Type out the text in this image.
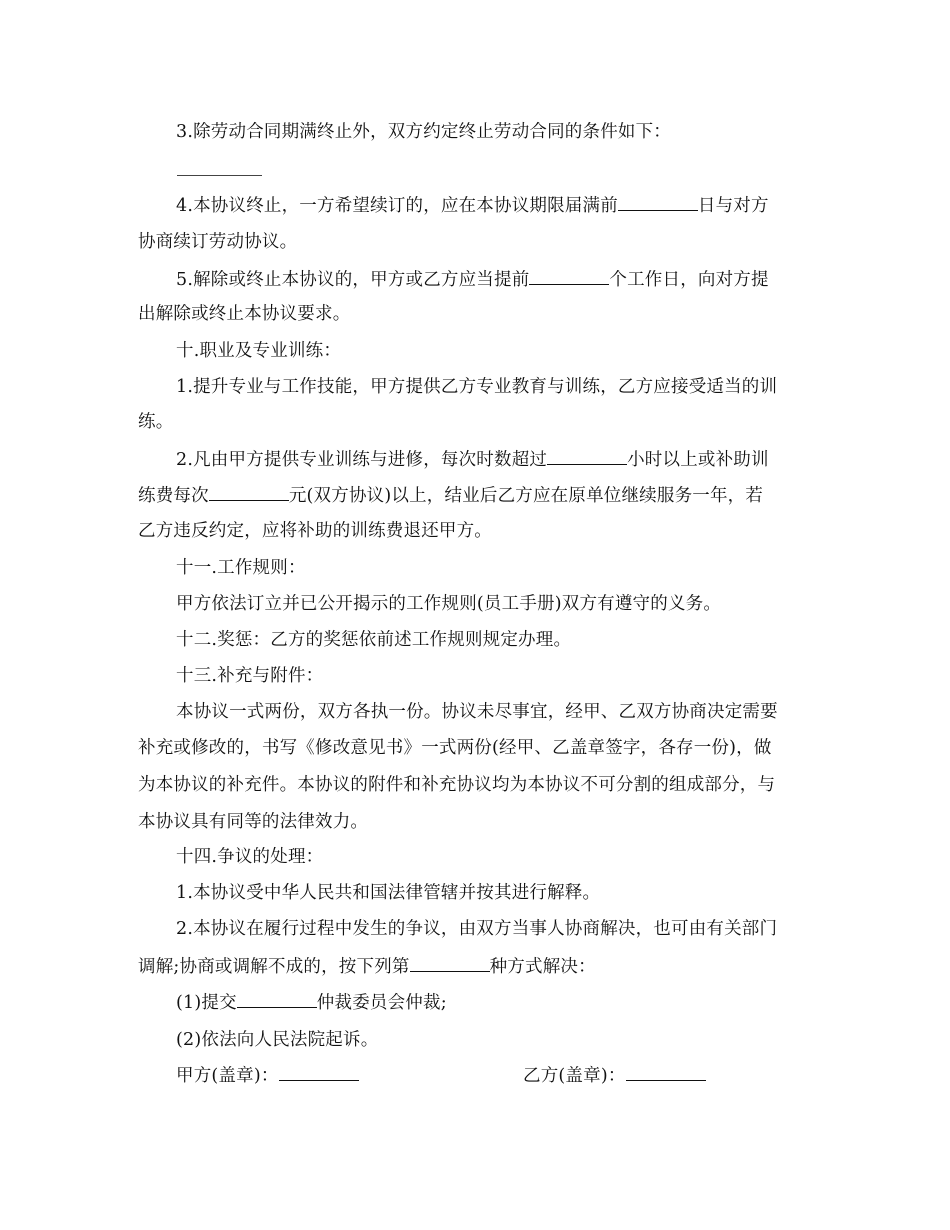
3.除劳动合同期满终止外，双方约定终止劳动合同的条件如下：
4.本协议终止，一方希望续订的，应在本协议期限届满前	日与对方
协商续订劳动协议。
5.解除或终止本协议的，甲方或乙方应当提前	个工作日，向对方提
出解除或终止本协议要求。
十.职业及专业训练：
1.提升专业与工作技能，甲方提供乙方专业教育与训练，乙方应接受适当的训
练。
2.凡由甲方提供专业训练与进修，每次时数超过	小时以上或补助训
练费每次	元(双方协议)以上，结业后乙方应在原单位继续服务一年，若
乙方违反约定，应将补助的训练费退还甲方。
十一.工作规则：
甲方依法订立并已公开揭示的工作规则(员工手册)双方有遵守的义务。
十二.奖惩：乙方的奖惩依前述工作规则规定办理。
十三.补充与附件：
本协议一式两份，双方各执一份。协议未尽事宜，经甲、乙双方协商决定需要
补充或修改的，书写《修改意见书》一式两份(经甲、乙盖章签字，各存一份)，做
为本协议的补充件。本协议的附件和补充协议均为本协议不可分割的组成部分，与
本协议具有同等的法律效力。
十四.争议的处理：
1.本协议受中华人民共和国法律管辖并按其进行解释。
2.本协议在履行过程中发生的争议，由双方当事人协商解决，也可由有关部门
调解;协商或调解不成的，按下列第	种方式解决：
(1)提交	仲裁委员会仲裁;
(2)依法向人民法院起诉。
甲方(盖章)：	乙方(盖章)：
